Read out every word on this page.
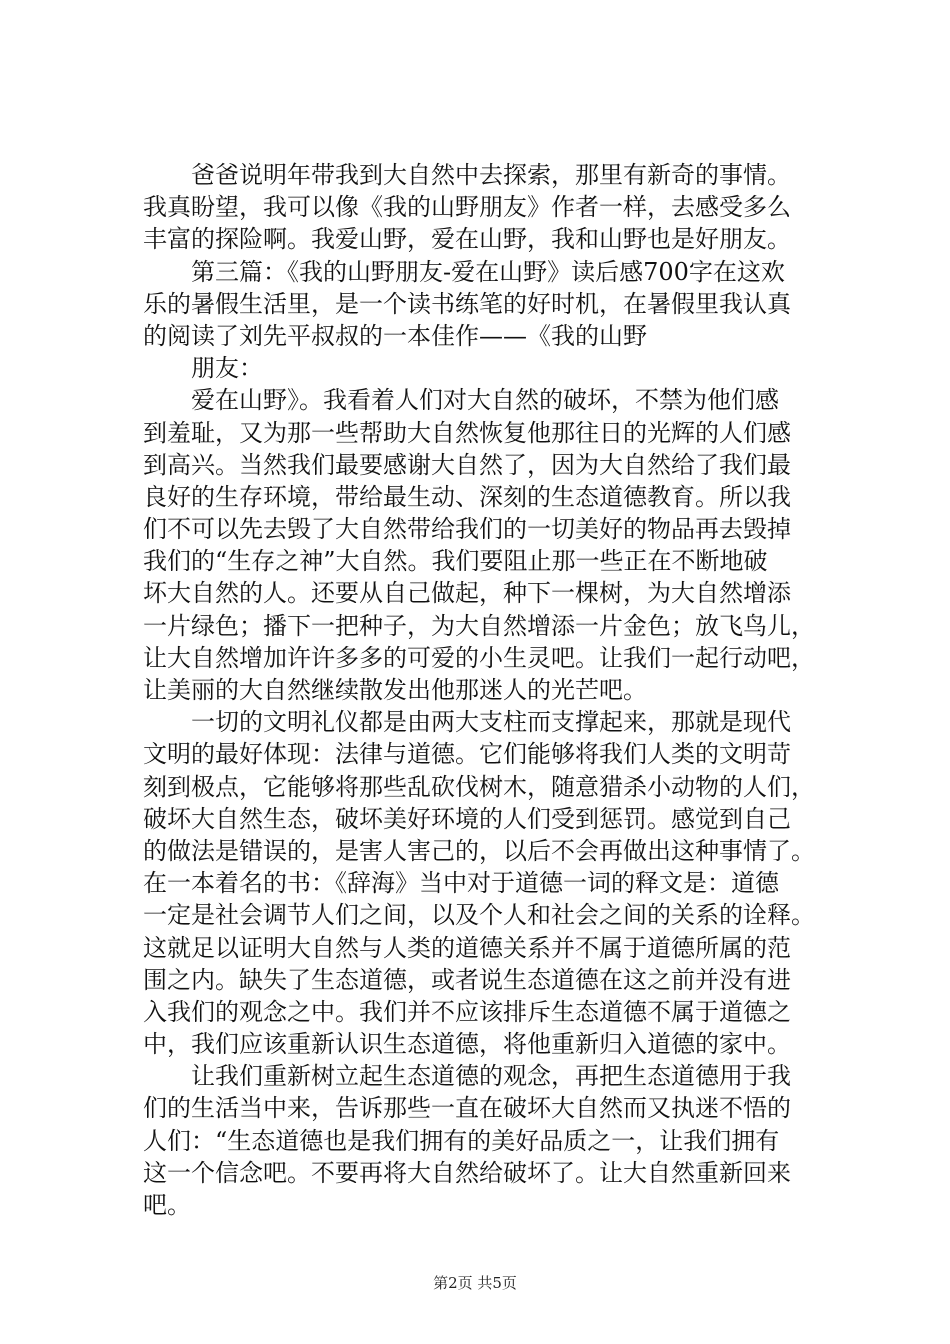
　　爸爸说明年带我到大自然中去探索，那里有新奇的事情。
我真盼望，我可以像《我的山野朋友》作者一样，去感受多么
丰富的探险啊。我爱山野，爱在山野，我和山野也是好朋友。
　　第三篇：《我的山野朋友-爱在山野》读后感700字在这欢
乐的暑假生活里，是一个读书练笔的好时机，在暑假里我认真
的阅读了刘先平叔叔的一本佳作——《我的山野
　　朋友：
　　爱在山野》。我看着人们对大自然的破坏，不禁为他们感
到羞耻，又为那一些帮助大自然恢复他那往日的光辉的人们感
到高兴。当然我们最要感谢大自然了，因为大自然给了我们最
良好的生存环境，带给最生动、深刻的生态道德教育。所以我
们不可以先去毁了大自然带给我们的一切美好的物品再去毁掉
我们的“生存之神”大自然。我们要阻止那一些正在不断地破
坏大自然的人。还要从自己做起，种下一棵树，为大自然增添
一片绿色；播下一把种子，为大自然增添一片金色；放飞鸟儿，
让大自然增加许许多多的可爱的小生灵吧。让我们一起行动吧，
让美丽的大自然继续散发出他那迷人的光芒吧。
　　一切的文明礼仪都是由两大支柱而支撑起来，那就是现代
文明的最好体现：法律与道德。它们能够将我们人类的文明苛
刻到极点，它能够将那些乱砍伐树木，随意猎杀小动物的人们，
破坏大自然生态，破坏美好环境的人们受到惩罚。感觉到自己
的做法是错误的，是害人害己的，以后不会再做出这种事情了。
在一本着名的书：《辞海》当中对于道德一词的释文是：道德
一定是社会调节人们之间，以及个人和社会之间的关系的诠释。
这就足以证明大自然与人类的道德关系并不属于道德所属的范
围之内。缺失了生态道德，或者说生态道德在这之前并没有进
入我们的观念之中。我们并不应该排斥生态道德不属于道德之
中，我们应该重新认识生态道德，将他重新归入道德的家中。
　　让我们重新树立起生态道德的观念，再把生态道德用于我
们的生活当中来，告诉那些一直在破坏大自然而又执迷不悟的
人们：“生态道德也是我们拥有的美好品质之一，让我们拥有
这一个信念吧。不要再将大自然给破坏了。让大自然重新回来
吧。
第2页 共5页
